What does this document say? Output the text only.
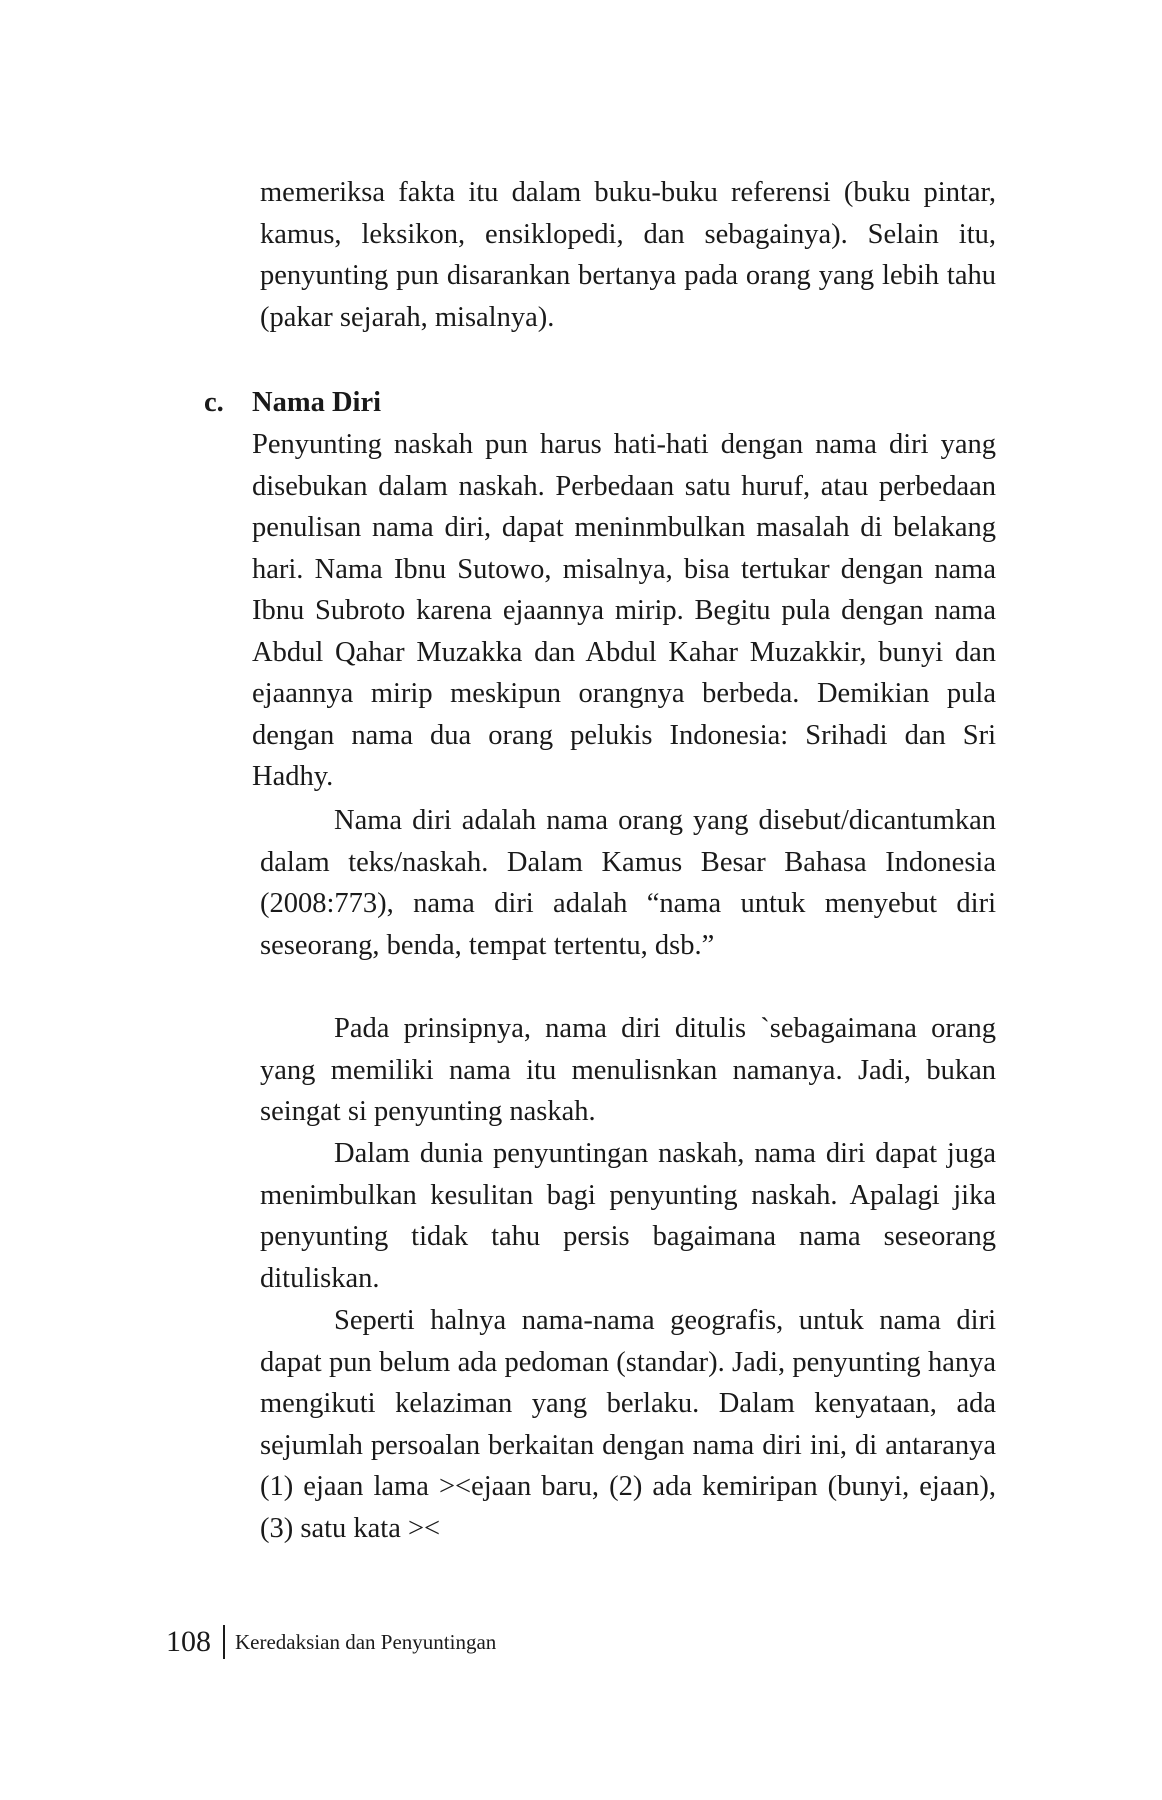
memeriksa fakta itu dalam buku-buku referensi (buku pintar, kamus, leksikon, ensiklopedi, dan sebagainya). Selain itu, penyunting pun disarankan bertanya pada orang yang lebih tahu (pakar sejarah, misalnya).

c. Nama Diri

Penyunting naskah pun harus hati-hati dengan nama diri yang disebukan dalam naskah. Perbedaan satu huruf, atau perbedaan penulisan nama diri, dapat meninmbulkan masalah di belakang hari. Nama Ibnu Sutowo, misalnya, bisa tertukar dengan nama Ibnu Subroto karena ejaannya mirip. Begitu pula dengan nama Abdul Qahar Muzakka dan Abdul Kahar Muzakkir, bunyi dan ejaannya mirip meskipun orangnya berbeda. Demikian pula dengan nama dua orang pelukis Indonesia: Srihadi dan Sri Hadhy.

Nama diri adalah nama orang yang disebut/dicantumkan dalam teks/naskah. Dalam Kamus Besar Bahasa Indonesia (2008:773), nama diri adalah “nama untuk menyebut diri seseorang, benda, tempat tertentu, dsb.”

Pada prinsipnya, nama diri ditulis `sebagaimana orang yang memiliki nama itu menulisnkan namanya. Jadi, bukan seingat si penyunting naskah.

Dalam dunia penyuntingan naskah, nama diri dapat juga menimbulkan kesulitan bagi penyunting naskah. Apalagi jika penyunting tidak tahu persis bagaimana nama seseorang dituliskan.

Seperti halnya nama-nama geografis, untuk nama diri dapat pun belum ada pedoman (standar). Jadi, penyunting hanya mengikuti kelaziman yang berlaku. Dalam kenyataan, ada sejumlah persoalan berkaitan dengan nama diri ini, di antaranya (1) ejaan lama ><ejaan baru, (2) ada kemiripan (bunyi, ejaan), (3) satu kata ><

108 Keredaksian dan Penyuntingan
